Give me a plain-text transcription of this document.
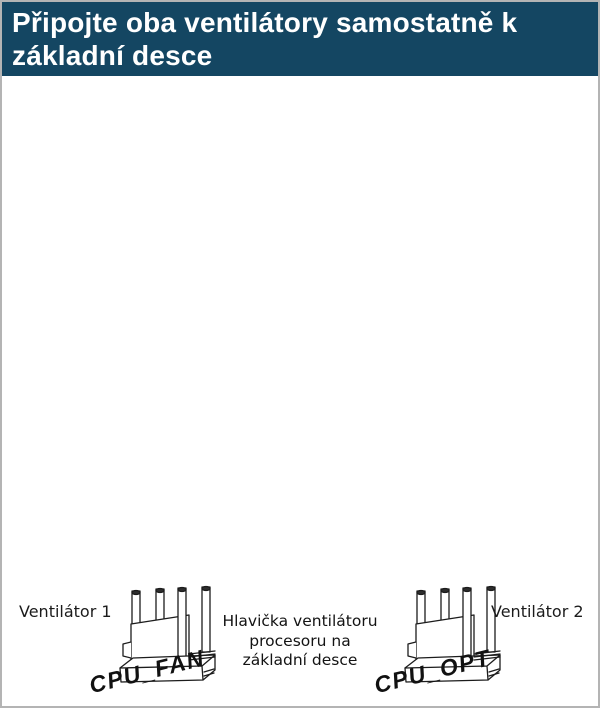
Připojte oba ventilátory samostatně k základní desce
Ventilátor 1
CPU_FAN
Hlavička ventilátoru
procesoru na
základní desce CPU_OPT
Ventilátor 2
